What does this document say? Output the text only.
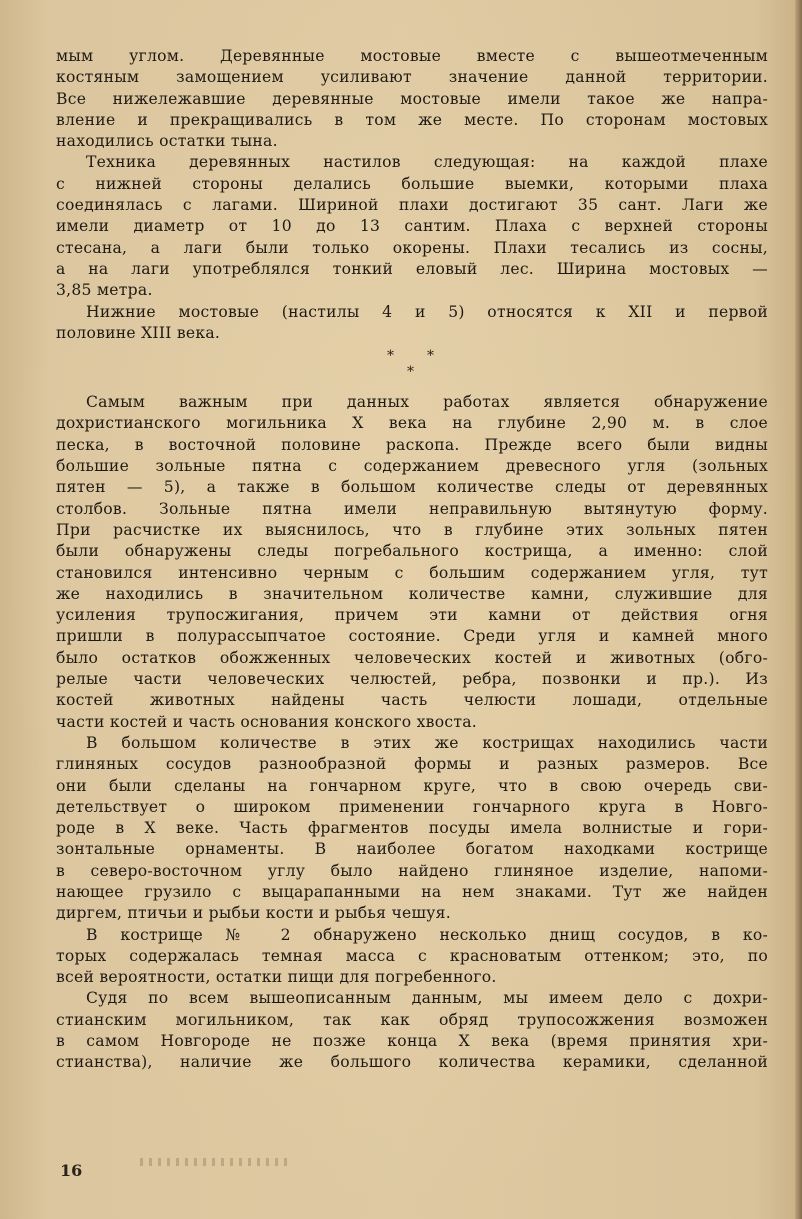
мым углом. Деревянные мостовые вместе с вышеотмеченным
костяным замощением усиливают значение данной территории.
Все нижележавшие деревянные мостовые имели такое же напра-
вление и прекращивались в том же месте. По сторонам мостовых
находились остатки тына.
Техника деревянных настилов следующая: на каждой плахе
с нижней стороны делались большие выемки, которыми плаха
соединялась с лагами. Шириной плахи достигают 35 сант. Лаги же
имели диаметр от 10 до 13 сантим. Плаха с верхней стороны
стесана, а лаги были только окорены. Плахи тесались из сосны,
а на лаги употреблялся тонкий еловый лес. Ширина мостовых —
3,85 метра.
Нижние мостовые (настилы 4 и 5) относятся к XII и первой
половине XIII века.
* *
*
Самым важным при данных работах является обнаружение
дохристианского могильника X века на глубине 2,90 м. в слое
песка, в восточной половине раскопа. Прежде всего были видны
большие зольные пятна с содержанием древесного угля (зольных
пятен — 5), а также в большом количестве следы от деревянных
столбов. Зольные пятна имели неправильную вытянутую форму.
При расчистке их выяснилось, что в глубине этих зольных пятен
были обнаружены следы погребального кострища, а именно: слой
становился интенсивно черным с большим содержанием угля, тут
же находились в значительном количестве камни, служившие для
усиления трупосжигания, причем эти камни от действия огня
пришли в полурассыпчатое состояние. Среди угля и камней много
было остатков обожженных человеческих костей и животных (обго-
релые части человеческих челюстей, ребра, позвонки и пр.). Из
костей животных найдены часть челюсти лошади, отдельные
части костей и часть основания конского хвоста.
В большом количестве в этих же кострищах находились части
глиняных сосудов разнообразной формы и разных размеров. Все
они были сделаны на гончарном круге, что в свою очередь сви-
детельствует о широком применении гончарного круга в Новго-
роде в X веке. Часть фрагментов посуды имела волнистые и гори-
зонтальные орнаменты. В наиболее богатом находками кострище
в северо-восточном углу было найдено глиняное изделие, напоми-
нающее грузило с выцарапанными на нем знаками. Тут же найден
диргем, птичьи и рыбьи кости и рыбья чешуя.
В кострище № 2 обнаружено несколько днищ сосудов, в ко-
торых содержалась темная масса с красноватым оттенком; это, по
всей вероятности, остатки пищи для погребенного.
Судя по всем вышеописанным данным, мы имеем дело с дохри-
стианским могильником, так как обряд трупосожжения возможен
в самом Новгороде не позже конца X века (время принятия хри-
стианства), наличие же большого количества керамики, сделанной
16
